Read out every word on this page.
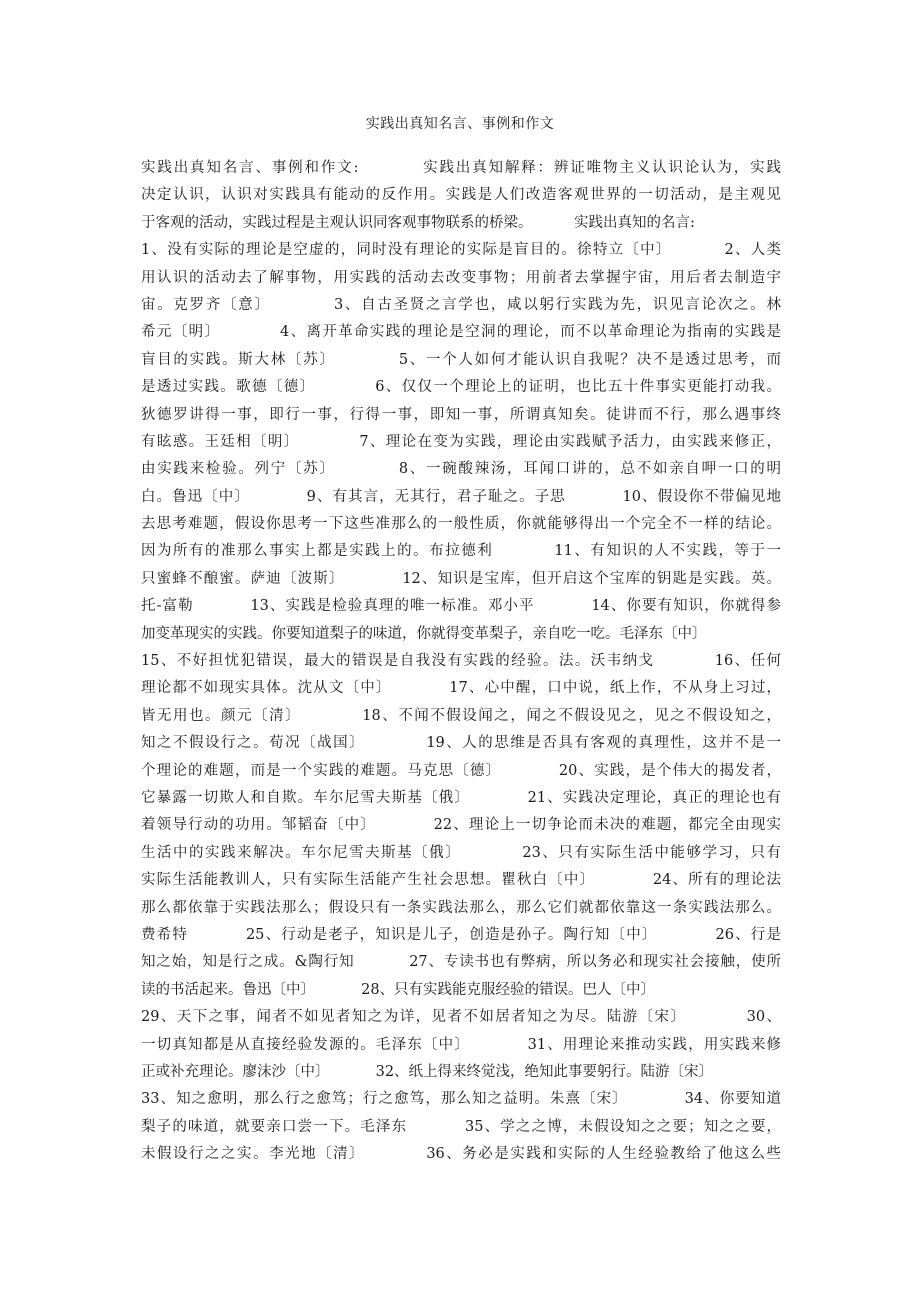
实践出真知名言、事例和作文
实践出真知名言、事例和作文:          实践出真知解释：辨证唯物主义认识论认为，实践
决定认识，认识对实践具有能动的反作用。实践是人们改造客观世界的一切活动，是主观见
于客观的活动，实践过程是主观认识同客观事物联系的桥梁。         实践出真知的名言:
1、没有实际的理论是空虚的，同时没有理论的实际是盲目的。徐特立〔中〕         2、人类
用认识的活动去了解事物，用实践的活动去改变事物；用前者去掌握宇宙，用后者去制造宇
宙。克罗齐〔意〕          3、自古圣贤之言学也，咸以躬行实践为先，识见言论次之。林
希元〔明〕          4、离开革命实践的理论是空洞的理论，而不以革命理论为指南的实践是
盲目的实践。斯大林〔苏〕          5、一个人如何才能认识自我呢？决不是透过思考，而
是透过实践。歌德〔德〕          6、仅仅一个理论上的证明，也比五十件事实更能打动我。
狄德罗讲得一事，即行一事，行得一事，即知一事，所谓真知矣。徒讲而不行，那么遇事终
有眩惑。王廷相〔明〕          7、理论在变为实践，理论由实践赋予活力，由实践来修正，
由实践来检验。列宁〔苏〕          8、一碗酸辣汤，耳闻口讲的，总不如亲自呷一口的明
白。鲁迅〔中〕          9、有其言，无其行，君子耻之。子思          10、假设你不带偏见地
去思考难题，假设你思考一下这些准那么的一般性质，你就能够得出一个完全不一样的结论。
因为所有的准那么事实上都是实践上的。布拉德利          11、有知识的人不实践，等于一
只蜜蜂不酿蜜。萨迪〔波斯〕          12、知识是宝库，但开启这个宝库的钥匙是实践。英。
托-富勒          13、实践是检验真理的唯一标准。邓小平          14、你要有知识，你就得参
加变革现实的实践。你要知道梨子的味道，你就得变革梨子，亲自吃一吃。毛泽东〔中〕
15、不好担忧犯错误，最大的错误是自我没有实践的经验。法。沃韦纳戈          16、任何
理论都不如现实具体。沈从文〔中〕          17、心中醒，口中说，纸上作，不从身上习过，
皆无用也。颜元〔清〕          18、不闻不假设闻之，闻之不假设见之，见之不假设知之，
知之不假设行之。荀况〔战国〕          19、人的思维是否具有客观的真理性，这并不是一
个理论的难题，而是一个实践的难题。马克思〔德〕          20、实践，是个伟大的揭发者，
它暴露一切欺人和自欺。车尔尼雪夫斯基〔俄〕          21、实践决定理论，真正的理论也有
着领导行动的功用。邹韬奋〔中〕          22、理论上一切争论而未决的难题，都完全由现实
生活中的实践来解决。车尔尼雪夫斯基〔俄〕          23、只有实际生活中能够学习，只有
实际生活能教训人，只有实际生活能产生社会思想。瞿秋白〔中〕          24、所有的理论法
那么都依靠于实践法那么；假设只有一条实践法那么，那么它们就都依靠这一条实践法那么。
费希特          25、行动是老子，知识是儿子，创造是孙子。陶行知〔中〕          26、行是
知之始，知是行之成。&陶行知          27、专读书也有弊病，所以务必和现实社会接触，使所
读的书活起来。鲁迅〔中〕          28、只有实践能克服经验的错误。巴人〔中〕
29、天下之事，闻者不如见者知之为详，见者不如居者知之为尽。陆游〔宋〕          30、
一切真知都是从直接经验发源的。毛泽东〔中〕          31、用理论来推动实践，用实践来修
正或补充理论。廖沫沙〔中〕          32、纸上得来终觉浅，绝知此事要躬行。陆游〔宋〕
33、知之愈明，那么行之愈笃；行之愈笃，那么知之益明。朱熹〔宋〕          34、你要知道
梨子的味道，就要亲口尝一下。毛泽东          35、学之之博，未假设知之之要；知之之要，
未假设行之之实。李光地〔清〕          36、务必是实践和实际的人生经验教给了他这么些
